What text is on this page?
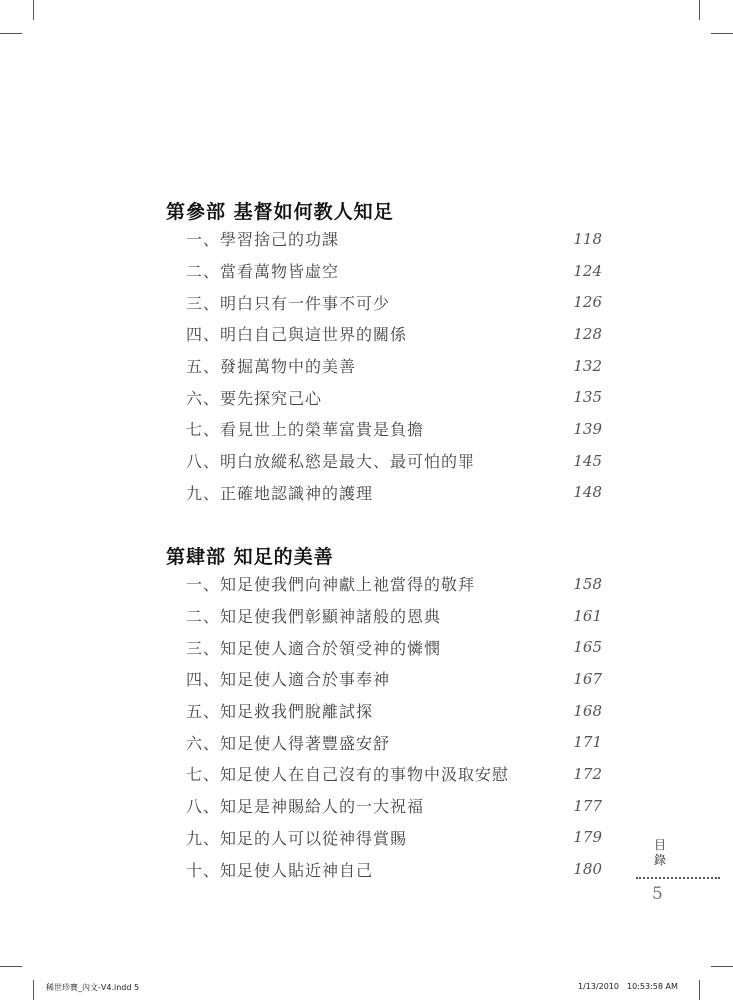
第參部 基督如何教人知足
一、學習捨己的功課	118
二、當看萬物皆虛空	124
三、明白只有一件事不可少	126
四、明白自己與這世界的關係	128
五、發掘萬物中的美善	132
六、要先探究己心	135
七、看見世上的榮華富貴是負擔	139
八、明白放縱私慾是最大、最可怕的罪	145
九、正確地認識神的護理	148
第肆部 知足的美善
一、知足使我們向神獻上祂當得的敬拜	158
二、知足使我們彰顯神諸般的恩典	161
三、知足使人適合於領受神的憐憫	165
四、知足使人適合於事奉神	167
五、知足救我們脫離試探	168
六、知足使人得著豐盛安舒	171
七、知足使人在自己沒有的事物中汲取安慰	172
八、知足是神賜給人的一大祝福	177
九、知足的人可以從神得賞賜	179
十、知足使人貼近神自己	180
目
錄
5
稀世珍寶_內文-V4.indd 5	1/13/2010 10:53:58 AM
